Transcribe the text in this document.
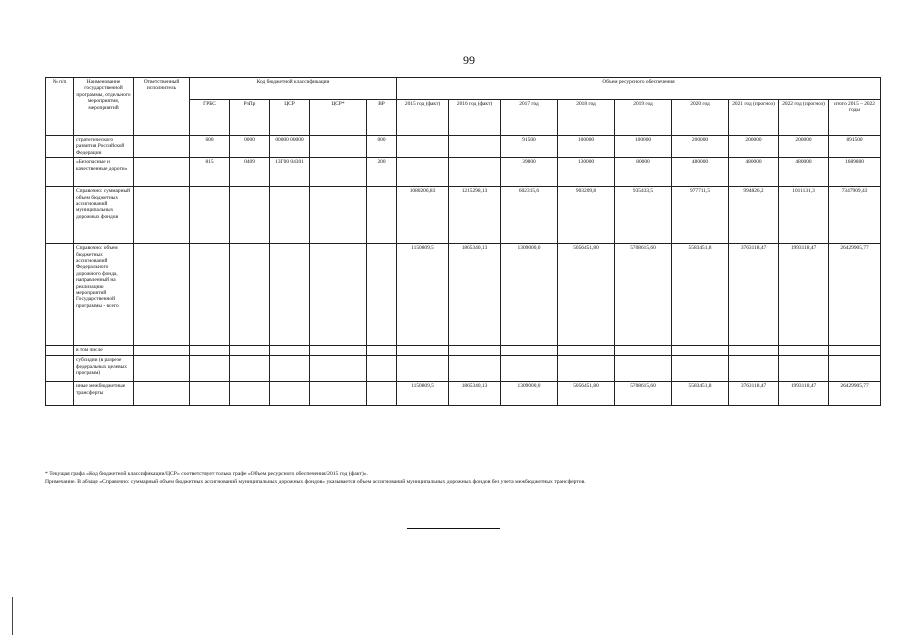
99
№ п/п	Наименование государственной программы, отдельного мероприятия, мероприятий	Ответственный исполнитель	Код бюджетной классификации					Объем ресурсного обеспечения								
			ГРБС	РзПр	ЦСР	ЦСР*	ВР	2015 год (факт)	2016 год (факт)	2017 год	2018 год	2019 год	2020 год	2021 год (прогноз)	2022 год (прогноз)	итого 2015 – 2022 годы
	стратегического развития Российской Федерации		600	0000	00000 00000		000			91500	100000	100000	200000	200000	200000	891500
	«Безопасные и качественные дороги»		815	0409	13Г00 04301		200			39800	130000	80000	480000	480000	480000	1689800
	Справочно: суммарный объем бюджетных ассигнований муниципальных дорожных фондов							1080206,83	1215298,13	602315,6	903209,8	935433,5	977711,5	994826,2	1011131,3	7347909,43
	Справочно: объем бюджетных ассигнований Федерального дорожного фонда, направленный на реализацию мероприятий Государственной программы - всего							1150809,5	1865340,13	1309000,0	5056451,80	5708615,60	5583451,8	3763118,47	1993118,47	26429905,77
	в том числе															
	субсидии (в разрезе федеральных целевых программ)															
	иные межбюджетные трансферты							1150809,5	1865340,13	1309000,0	5056451,80	5708615,60	5583451,8	3763118,47	1993118,47	26429905,77
* Текущая графа «Код бюджетной классификации/ЦСР» соответствует только графе «Объем ресурсного обеспечения/2015 год (факт)».
Примечание. В абзаце «Справочно: суммарный объем бюджетных ассигнований муниципальных дорожных фондов» указывается объем ассигнований муниципальных дорожных фондов без учета межбюджетных трансфертов.
